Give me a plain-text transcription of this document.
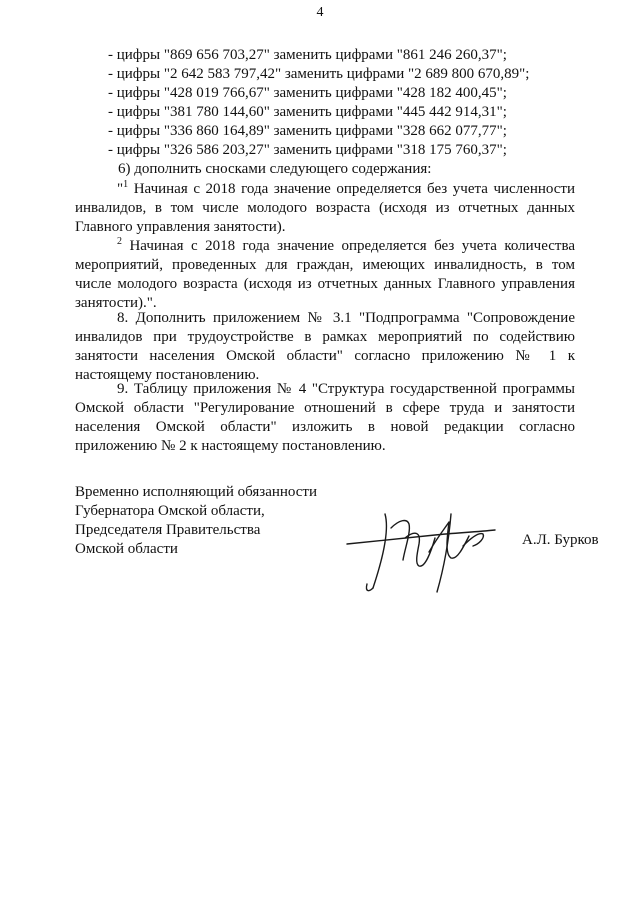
4
- цифры "869 656 703,27" заменить цифрами "861 246 260,37";
- цифры "2 642 583 797,42" заменить цифрами "2 689 800 670,89";
- цифры "428 019 766,67" заменить цифрами "428 182 400,45";
- цифры "381 780 144,60" заменить цифрами "445 442 914,31";
- цифры "336 860 164,89" заменить цифрами "328 662 077,77";
- цифры "326 586 203,27" заменить цифрами "318 175 760,37";
6) дополнить сносками следующего содержания:

"$^1$ Начиная с 2018 года значение определяется без учета численности инвалидов, в том числе молодого возраста (исходя из отчетных данных Главного управления занятости).

$^2$ Начиная с 2018 года значение определяется без учета количества мероприятий, проведенных для граждан, имеющих инвалидность, в том числе молодого возраста (исходя из отчетных данных Главного управления занятости).".

8. Дополнить приложением № 3.1 "Подпрограмма "Сопровождение инвалидов при трудоустройстве в рамках мероприятий по содействию занятости населения Омской области" согласно приложению № 1 к настоящему постановлению.

9. Таблицу приложения № 4 "Структура государственной программы Омской области "Регулирование отношений в сфере труда и занятости населения Омской области" изложить в новой редакции согласно приложению № 2 к настоящему постановлению.

Временно исполняющий обязанности
Губернатора Омской области,
Председателя Правительства
Омской области
А.Л. Бурков
